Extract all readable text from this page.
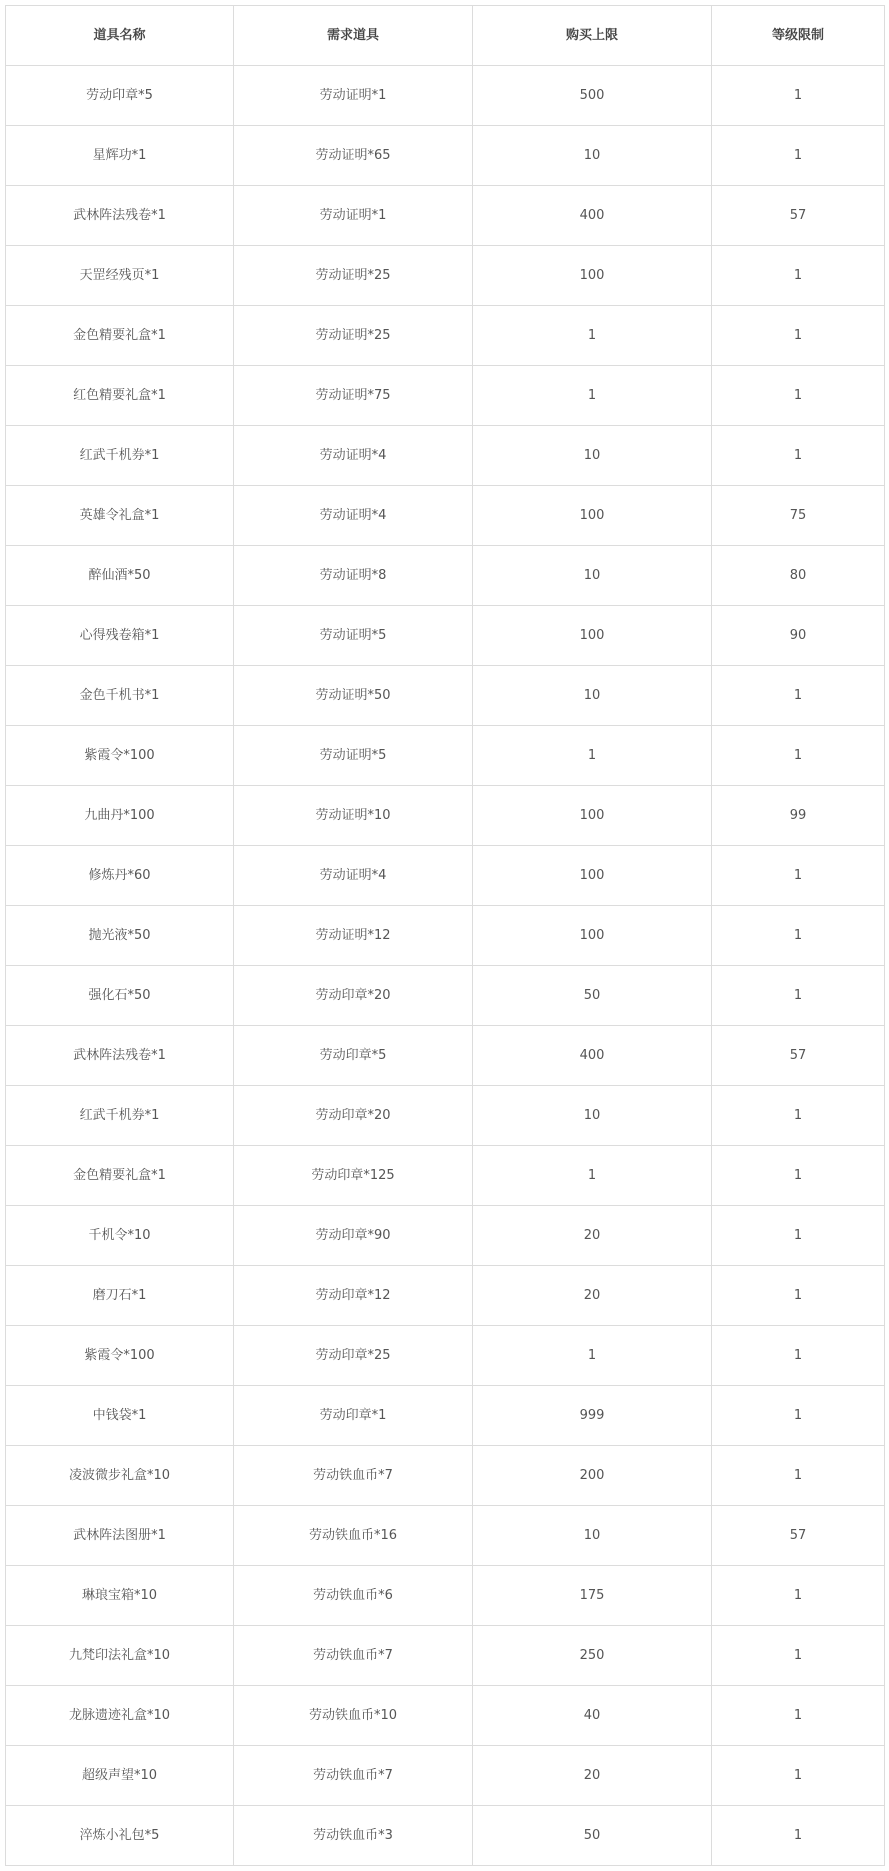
道具名称	需求道具	购买上限	等级限制
劳动印章*5	劳动证明*1	500	1
星辉功*1	劳动证明*65	10	1
武林阵法残卷*1	劳动证明*1	400	57
天罡经残页*1	劳动证明*25	100	1
金色精要礼盒*1	劳动证明*25	1	1
红色精要礼盒*1	劳动证明*75	1	1
红武千机券*1	劳动证明*4	10	1
英雄令礼盒*1	劳动证明*4	100	75
醉仙酒*50	劳动证明*8	10	80
心得残卷箱*1	劳动证明*5	100	90
金色千机书*1	劳动证明*50	10	1
紫霞令*100	劳动证明*5	1	1
九曲丹*100	劳动证明*10	100	99
修炼丹*60	劳动证明*4	100	1
抛光液*50	劳动证明*12	100	1
强化石*50	劳动印章*20	50	1
武林阵法残卷*1	劳动印章*5	400	57
红武千机券*1	劳动印章*20	10	1
金色精要礼盒*1	劳动印章*125	1	1
千机令*10	劳动印章*90	20	1
磨刀石*1	劳动印章*12	20	1
紫霞令*100	劳动印章*25	1	1
中钱袋*1	劳动印章*1	999	1
凌波微步礼盒*10	劳动铁血币*7	200	1
武林阵法图册*1	劳动铁血币*16	10	57
琳琅宝箱*10	劳动铁血币*6	175	1
九梵印法礼盒*10	劳动铁血币*7	250	1
龙脉遗迹礼盒*10	劳动铁血币*10	40	1
超级声望*10	劳动铁血币*7	20	1
淬炼小礼包*5	劳动铁血币*3	50	1
